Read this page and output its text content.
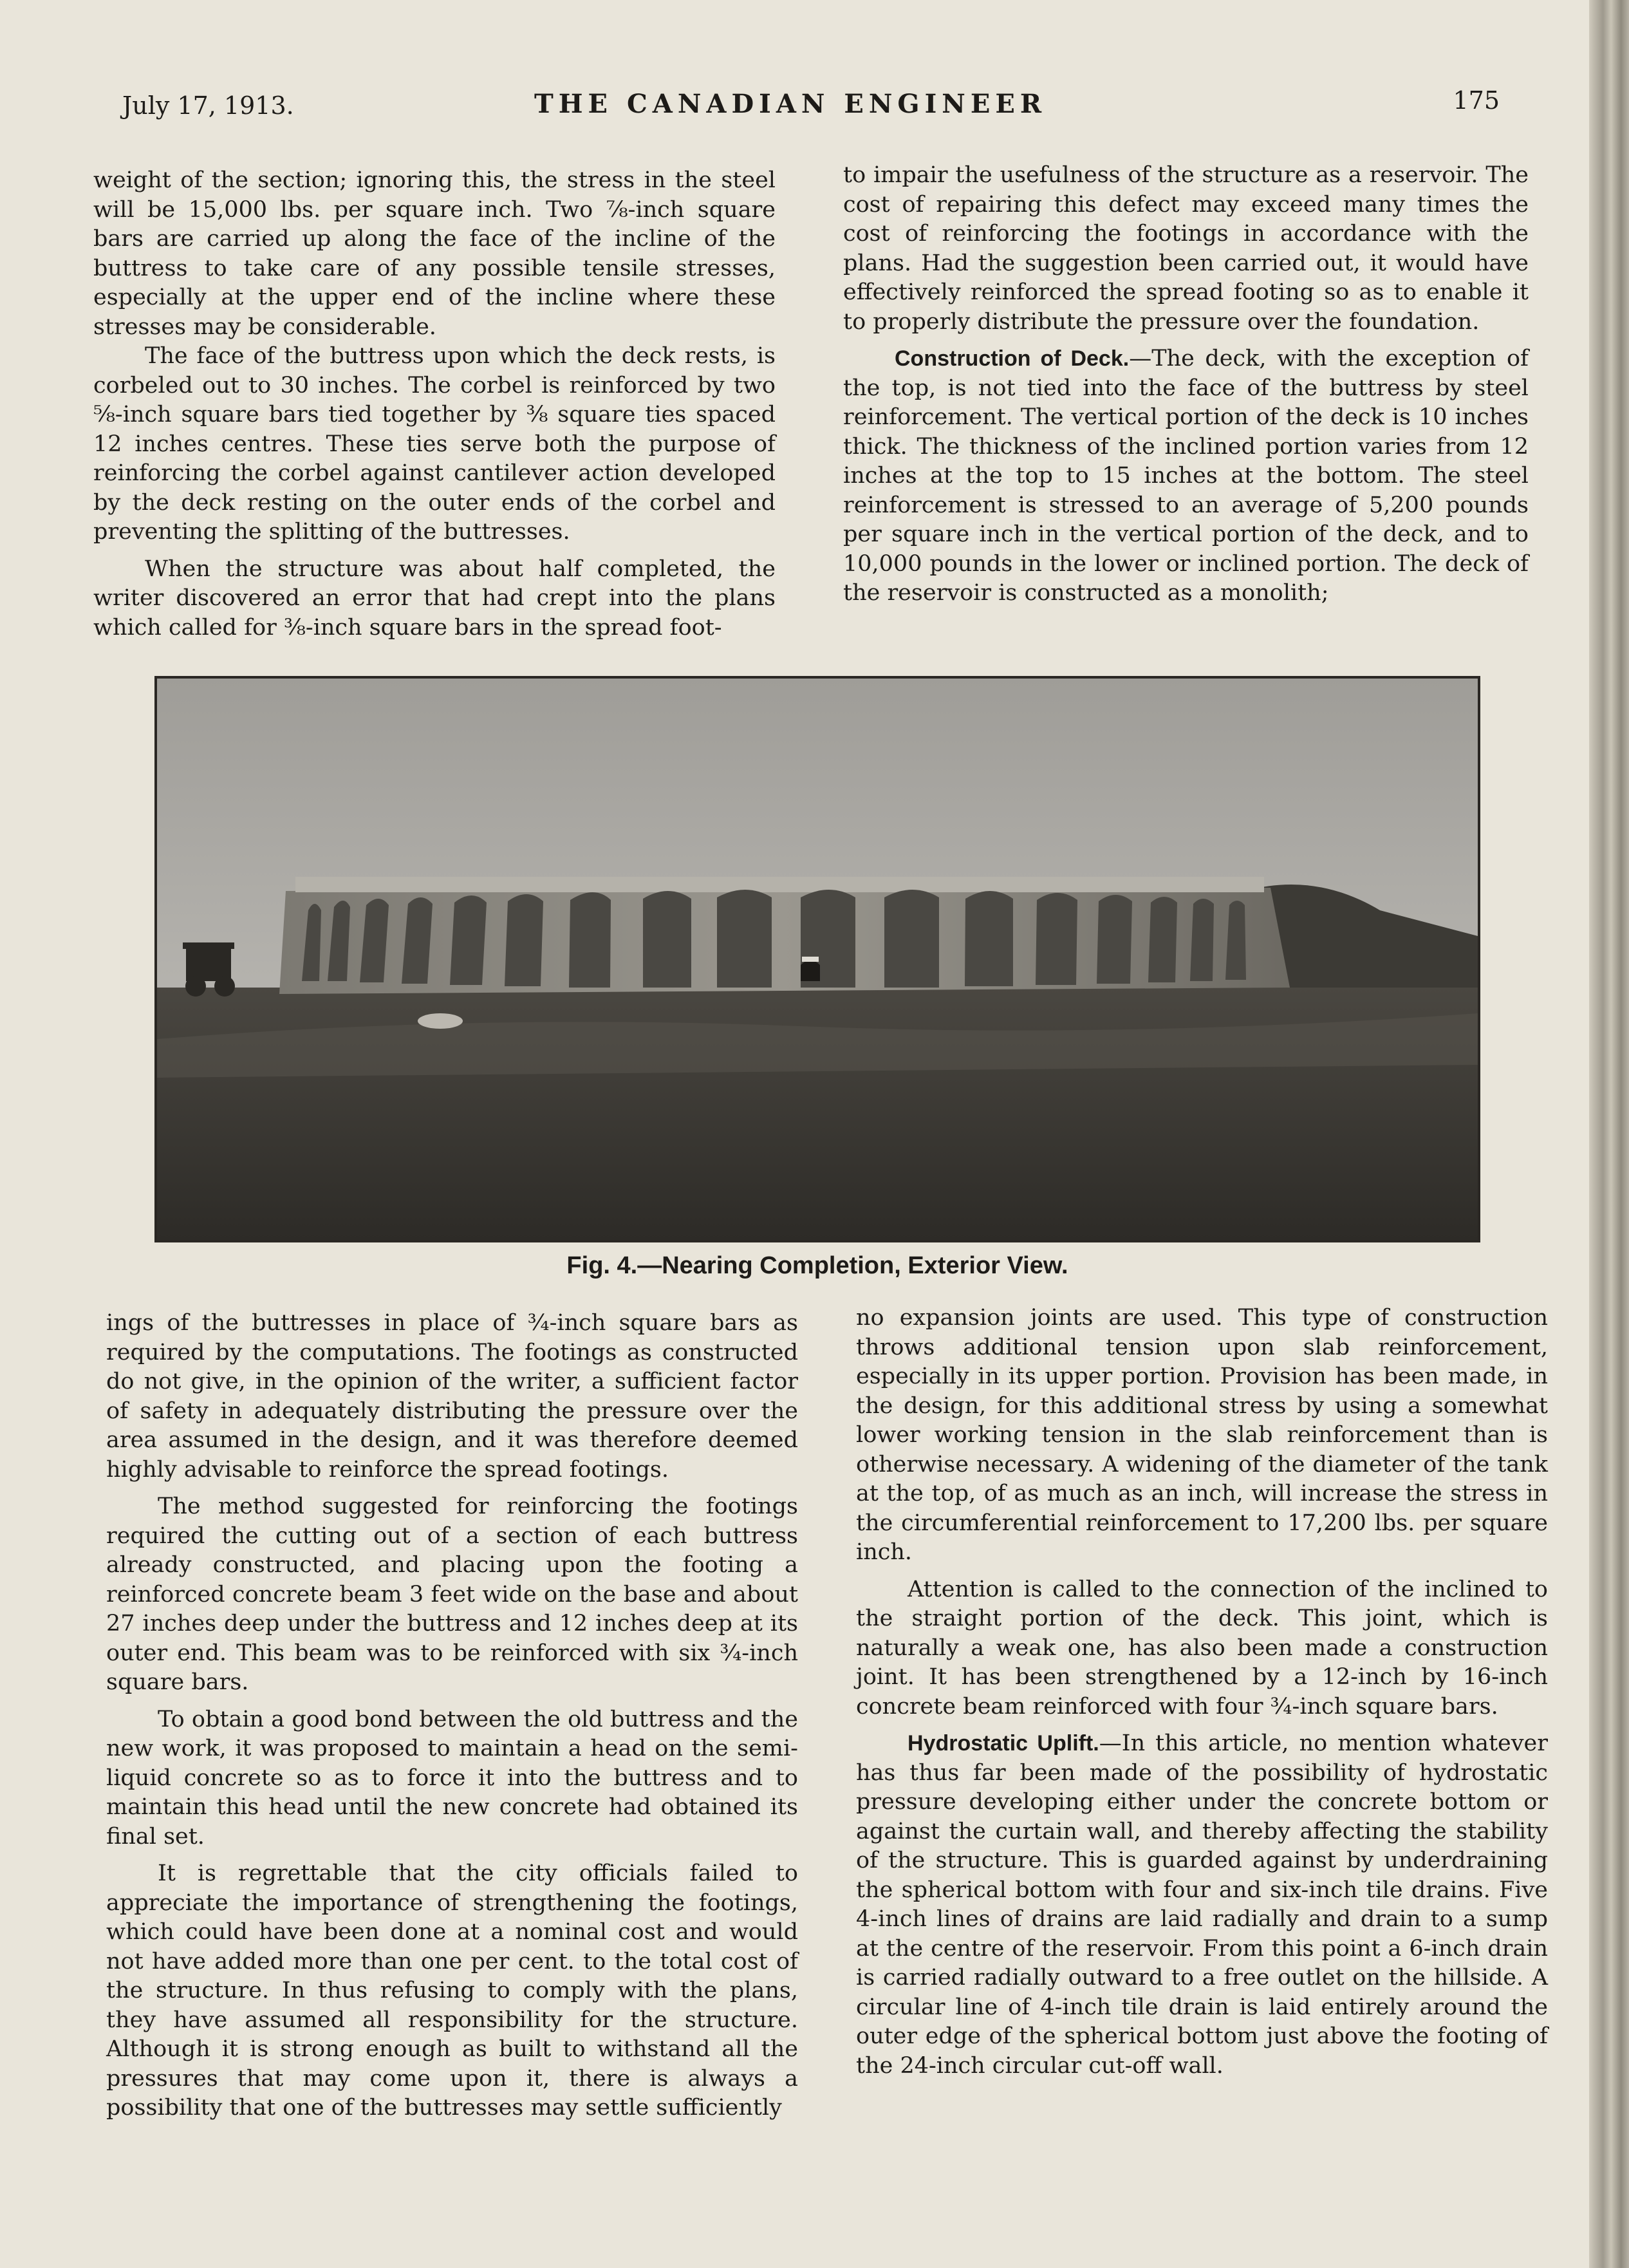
July 17, 1913.	THE CANADIAN ENGINEER	175

weight of the section; ignoring this, the stress in the steel will be 15,000 lbs. per square inch. Two ⅞-inch square bars are carried up along the face of the incline of the buttress to take care of any possible tensile stresses, especially at the upper end of the incline where these stresses may be considerable.

The face of the buttress upon which the deck rests, is corbeled out to 30 inches. The corbel is reinforced by two ⅝-inch square bars tied together by ⅜ square ties spaced 12 inches centres. These ties serve both the purpose of reinforcing the corbel against cantilever action developed by the deck resting on the outer ends of the corbel and preventing the splitting of the buttresses.

When the structure was about half completed, the writer discovered an error that had crept into the plans which called for ⅜-inch square bars in the spread foot-

to impair the usefulness of the structure as a reservoir. The cost of repairing this defect may exceed many times the cost of reinforcing the footings in accordance with the plans. Had the suggestion been carried out, it would have effectively reinforced the spread footing so as to enable it to properly distribute the pressure over the foundation.

Construction of Deck.—The deck, with the exception of the top, is not tied into the face of the buttress by steel reinforcement. The vertical portion of the deck is 10 inches thick. The thickness of the inclined portion varies from 12 inches at the top to 15 inches at the bottom. The steel reinforcement is stressed to an average of 5,200 pounds per square inch in the vertical portion of the deck, and to 10,000 pounds in the lower or inclined portion. The deck of the reservoir is constructed as a monolith;

Fig. 4.—Nearing Completion, Exterior View.

ings of the buttresses in place of ¾-inch square bars as required by the computations. The footings as constructed do not give, in the opinion of the writer, a sufficient factor of safety in adequately distributing the pressure over the area assumed in the design, and it was therefore deemed highly advisable to reinforce the spread footings.

The method suggested for reinforcing the footings required the cutting out of a section of each buttress already constructed, and placing upon the footing a reinforced concrete beam 3 feet wide on the base and about 27 inches deep under the buttress and 12 inches deep at its outer end. This beam was to be reinforced with six ¾-inch square bars.

To obtain a good bond between the old buttress and the new work, it was proposed to maintain a head on the semi-liquid concrete so as to force it into the buttress and to maintain this head until the new concrete had obtained its final set.

It is regrettable that the city officials failed to appreciate the importance of strengthening the footings, which could have been done at a nominal cost and would not have added more than one per cent. to the total cost of the structure. In thus refusing to comply with the plans, they have assumed all responsibility for the structure. Although it is strong enough as built to withstand all the pressures that may come upon it, there is always a possibility that one of the buttresses may settle sufficiently

no expansion joints are used. This type of construction throws additional tension upon slab reinforcement, especially in its upper portion. Provision has been made, in the design, for this additional stress by using a somewhat lower working tension in the slab reinforcement than is otherwise necessary. A widening of the diameter of the tank at the top, of as much as an inch, will increase the stress in the circumferential reinforcement to 17,200 lbs. per square inch.

Attention is called to the connection of the inclined to the straight portion of the deck. This joint, which is naturally a weak one, has also been made a construction joint. It has been strengthened by a 12-inch by 16-inch concrete beam reinforced with four ¾-inch square bars.

Hydrostatic Uplift.—In this article, no mention whatever has thus far been made of the possibility of hydrostatic pressure developing either under the concrete bottom or against the curtain wall, and thereby affecting the stability of the structure. This is guarded against by underdraining the spherical bottom with four and six-inch tile drains. Five 4-inch lines of drains are laid radially and drain to a sump at the centre of the reservoir. From this point a 6-inch drain is carried radially outward to a free outlet on the hillside. A circular line of 4-inch tile drain is laid entirely around the outer edge of the spherical bottom just above the footing of the 24-inch circular cut-off wall.
